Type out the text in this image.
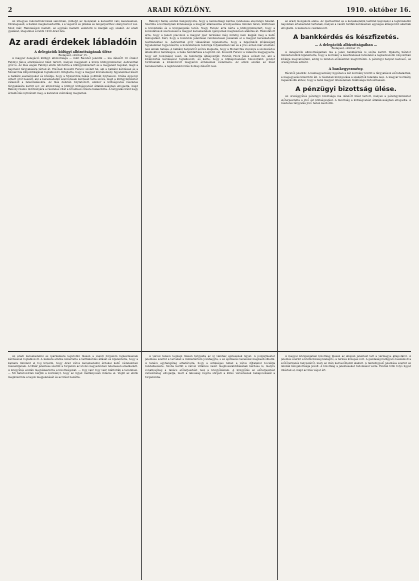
2	ARADI KÖZLÖNY.	1910. október 16.

Az útlegyes rekonstrukciónak sancnban, mihelyt az mozzanat a keresztül való kezelésében, fölöslegeseit, a hamisi megkereszteltük, s a végeiről és pilánás és tengerparthoz okáig harcot vez. Most már, Hamisságok mellett, az egymás melletti eszközök is kiadják egy szakét. Az aradi gyalázat, idegenhez a rabbi 1910 Arad felé.

Az aradi érdekek lábladóin
A delegációk külügyi albizottságának ülése
Budapest, október 15.

A magyar delegáció külügyi albizottsága — mint Bécsből jelentik — ma délelőtt 10 órakor Fabinyi János elnöklésével ülést tartott, melyen megjelent a közös külügyminiszter, Aehrenthal gróf is. Az ülés elején Fabinyi elnök üdvözölte a külügyminisztert és a megjelent tagokat, majd a napirend tárgyalására tértek át. Elsőnek Kossuth Ferenc szólalt fel, aki a balkáni kérdéssel és a Monarchia külpolitikájával foglalkozott. Kifejtette, hogy a magyar közvélemény figyelemmel kíséri a balkáni eseményeket és kívánja, hogy a Monarchia békés politikát folytasson. Utána Apponyi Albert gróf beszélt, aki a kereskedelmi szerződések kérdését tette szóvá, majd a külügyminiszter válaszolt a felszólalásokra. Az ülés délután folytatódott, amikor a költségvetés részletes tárgyalására került sor. Az albizottság a külügyi költségvetést általánosságban elfogadta, majd Bakonyi Samu indítványára a részletes vitát a következő ülésre halasztotta. A tárgyalás iránt nagy érdeklődés nyilvánult meg, a karzatok zsúfolásig megteltek.

Bakonyi Samu ezután hangsúlyozta, hogy a nemzetiségi kérdés rendezése elsőrangú feladat. Szerinte a kormánynak kötelessége a magyar állameszme érvényesítése minden téren, különösen a közoktatás és a közigazgatás terén. Nagy Ferenc arra kérte a külügyminisztert, hogy a konzulátusok szervezését a magyar kereskedelem igényeinek megfelelően alakítsa át. Rámutatott arra, hogy a keleti piacokon a magyar ipar termékei még mindig nem kapják meg a kellő támogatást. Kéri, hogy a konzulok jelentései rendszeresen jussanak el a magyar kereskedelmi testületekhez is. Aehrenthal gróf válaszában kijelentette, hogy a felszólalók kívánságait figyelemmel fogja kísérni, a konzulátusok reformja folyamatban van és a jövő évben már érezhető lesz annak hatása. A balkáni helyzetről szólva kiemelte, hogy a Monarchia viszonya a szomszédos államokhoz barátságos, a béke fenntartása a legfőbb cél. Kossuth Ferenc a válaszra megjegyezte, hogy azt tudomásul veszi, de fenntartja álláspontját. Ezután Hock János szólalt fel, aki a kivándorlás kérdésével foglalkozott, és kérte, hogy a külképviseletek fokozottabb gondot fordítsanak a kivándorolt magyarok érdekeinek védelmére. Az elnök ezután az ülést berekesztette, a legközelebbi ülés holnap délelőtt lesz.

az aradi mozgalom elébe. Az ipartestület és a kereskedelmi testület képviselői a legközelebbi napokban értekezletet tartanak, melyen a vasúti tarifák kérdésében egységes álláspontot akarnak elfoglalni. A kamara is csatlakozott.

A bankkérdés és készfizetés.
— A delegációk albizottságaiban —
Budapest, október 15.

A delegációk albizottságaiban ma a jelen bankkérdés is szóba került. Wekerle Sándor miniszterelnök kijelentette, hogy a kormány a készfizetések felvételét a legkedvezőbb időpontban kívánja megvalósítani, addig is minden előkészület megtörténik. A pénzügyi helyzet kedvező, az ország hitele szilárd.

A bankegyezmény.

Bécsből jelentik: A bankegyezmény ügyében a két kormány között a tárgyalások előrehaladtak, a megegyezés küszöbön áll. A részletek kidolgozása a szakértők feladata lesz. A magyar kormány ragaszkodik ahhoz, hogy a bank magyar intézeteinek önállósága biztosíttassék.

A pénzügyi bizottság ülése.

Az országgyűlés pénzügyi bizottsága ma délelőtt ülést tartott, melyen a pénzügyminiszter előterjesztette a jövő évi költségvetést. A bizottság a költségvetést általánosságban elfogadta. A részletes tárgyalás jövő héten kezdődik.

Az aradi kereskedelmi és iparkamara legutóbbi ülésén a vasúti forgalom fejlesztésének kérdésével foglalkozott. A kamara elnöke ismertette a tarifakérdés állását és kijelentette, hogy a kamara mindent el fog követni, hogy Arad város kereskedelmi érdekei kellő védelemben részesüljenek. A titkár jelentése szerint a forgalom az utolsó negyedévben tetemesen emelkedett. A közgyűlés ezután megválasztotta a bizottságokat. — Ugy van! Ugy van! kiáltották a teremben. — Mi határozottan kérjük a kormányt, hogy az ügyet méltányosan intézze el. Végül az elnök megköszönte a tagok megjelenését és az ülést bezárta.

A városi tanács tegnapi ülésén tárgyalta az új vámház építésének ügyét. A polgármester jelentése szerint a terveket a minisztérium jóváhagyta, s az építkezés tavasszal megkezdődhetik. A tanács egyhangúlag elhatározta, hogy a szükséges telket a város díjtalanul bocsátja rendelkezésre. Szóba került a városi villamos vasút meghosszabbításának kérdése is, melyre vonatkozólag a tanács előterjesztést tesz a közgyűlésnek. A közgyűlés az előterjesztést valószínűleg elfogadja, mert a lakosság régóta sürgeti a külső városrészek bekapcsolását a forgalomba.

A megyei közigazgatási bizottság ülésén az alispán jelentést tett a vármegye állapotáról. A jelentés szerint a közbiztonság kielégítő, a termés közepes volt. A gazdasági felügyelő beszámolt a szőlőtermelés helyzetéről, mely az idén kedvezőtlenül alakult. A tanfelügyelő jelentése szerint az iskolák látogatottsága javult. A bizottság a jelentéseket tudomásul vette. Ezután több folyó ügyet intéztek el, majd az ülés véget ért.
